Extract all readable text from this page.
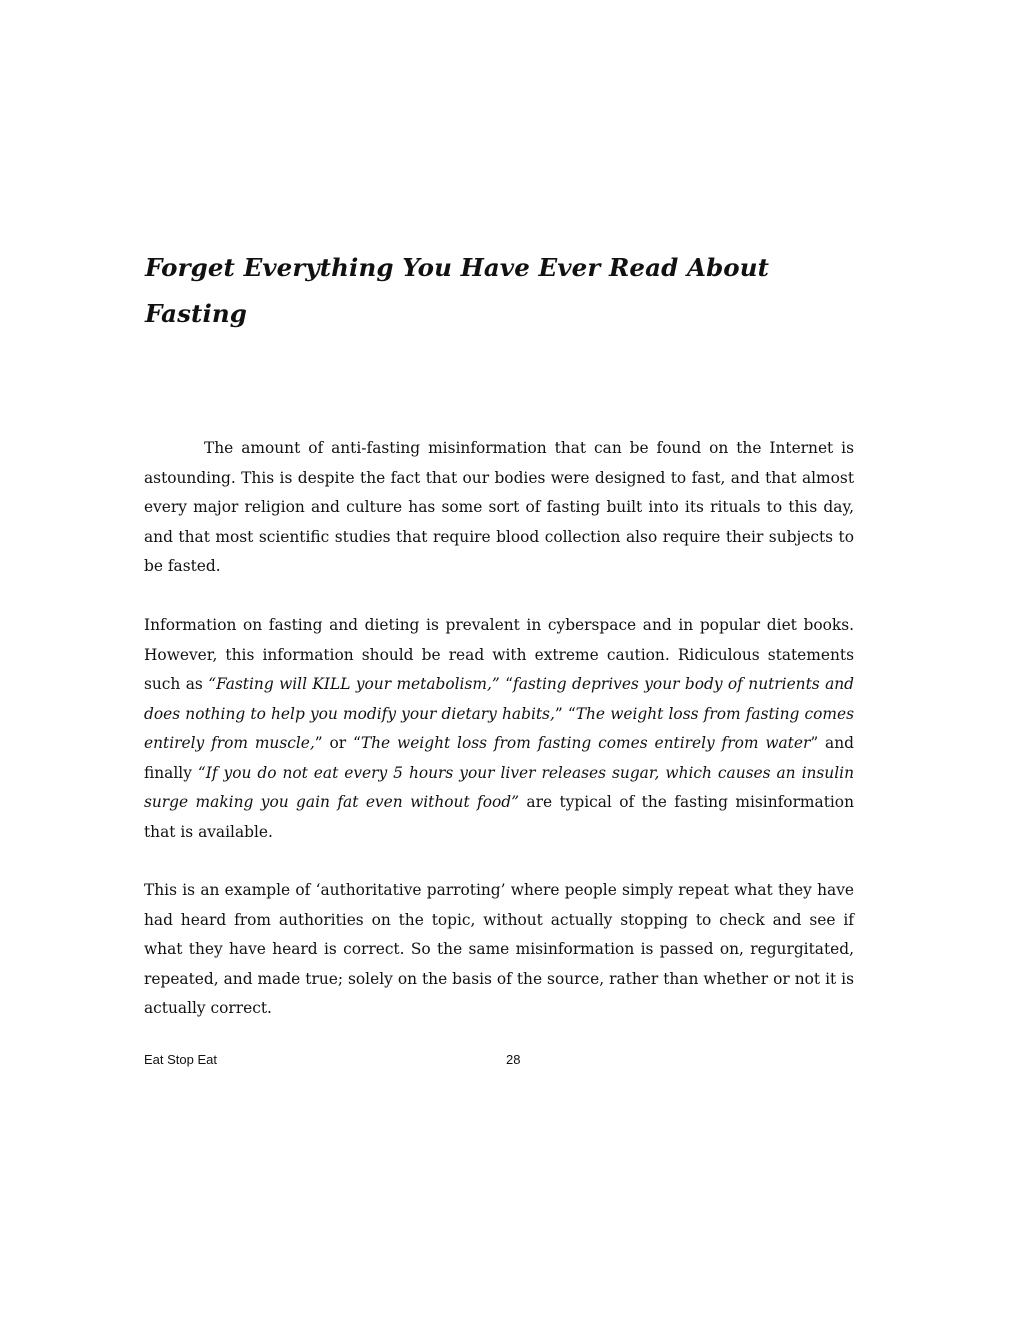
Forget Everything You Have Ever Read About Fasting

The amount of anti-fasting misinformation that can be found on the Internet is astounding. This is despite the fact that our bodies were designed to fast, and that almost every major religion and culture has some sort of fasting built into its rituals to this day, and that most scientific studies that require blood collection also require their subjects to be fasted.

Information on fasting and dieting is prevalent in cyberspace and in popular diet books. However, this information should be read with extreme caution. Ridiculous statements such as “Fasting will KILL your metabolism,” “fasting deprives your body of nutrients and does nothing to help you modify your dietary habits,” “The weight loss from fasting comes entirely from muscle,” or “The weight loss from fasting comes entirely from water” and finally “If you do not eat every 5 hours your liver releases sugar, which causes an insulin surge making you gain fat even without food” are typical of the fasting misinformation that is available.

This is an example of ‘authoritative parroting’ where people simply repeat what they have had heard from authorities on the topic, without actually stopping to check and see if what they have heard is correct. So the same misinformation is passed on, regurgitated, repeated, and made true; solely on the basis of the source, rather than whether or not it is actually correct.

Eat Stop Eat	28
